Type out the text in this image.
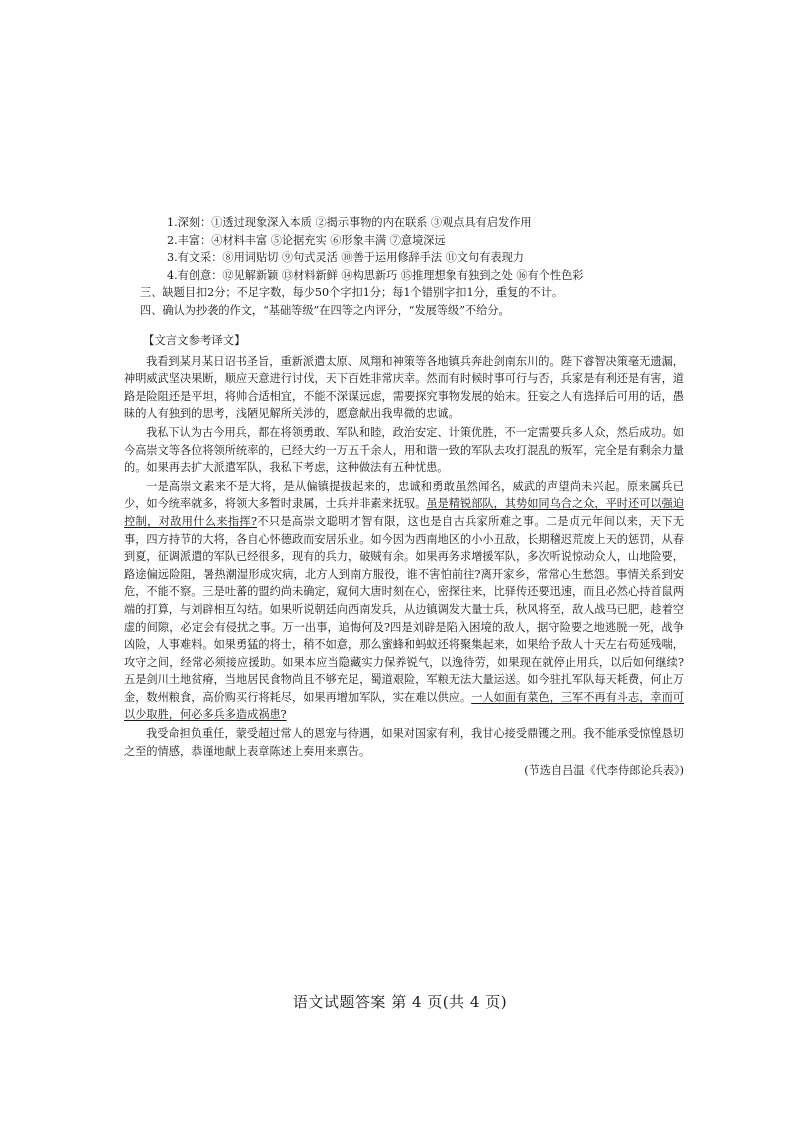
1.深刻：①透过现象深入本质 ②揭示事物的内在联系 ③观点具有启发作用
2.丰富：④材料丰富 ⑤论据充实 ⑥形象丰满 ⑦意境深远
3.有文采：⑧用词贴切 ⑨句式灵活 ⑩善于运用修辞手法 ⑪文句有表现力
4.有创意：⑫见解新颖 ⑬材料新鲜 ⑭构思新巧 ⑮推理想象有独到之处 ⑯有个性色彩
三、缺题目扣2分；不足字数，每少50个字扣1分；每1个错别字扣1分，重复的不计。
四、确认为抄袭的作文，“基础等级”在四等之内评分，“发展等级”不给分。
【文言文参考译文】

我看到某月某日诏书圣旨，重新派遣太原、凤翔和神策等各地镇兵奔赴剑南东川的。陛下睿智决策毫无遗漏，神明威武坚决果断，顺应天意进行讨伐，天下百姓非常庆幸。然而有时候时事可行与否，兵家是有利还是有害，道路是险阻还是平坦，将帅合适相宜，不能不深谋远虑，需要探究事物发展的始末。狂妄之人有选择后可用的话，愚昧的人有独到的思考，浅陋见解所关涉的，愿意献出我卑微的忠诚。

我私下认为古今用兵，都在将领勇敢、军队和睦，政治安定、计策优胜，不一定需要兵多人众，然后成功。如今高崇文等各位将领所统率的，已经大约一万五千余人，用和谐一致的军队去攻打混乱的叛军，完全是有剩余力量的。如果再去扩大派遣军队，我私下考虑，这种做法有五种忧患。

一是高崇文素来不是大将，是从偏镇提拔起来的，忠诚和勇敢虽然闻名，威武的声望尚未兴起。原来属兵已少，如今统率就多，将领大多暂时隶属，士兵并非素来抚驭。虽是精锐部队，其势如同乌合之众，平时还可以强迫控制，对敌用什么来指挥?不只是高崇文聪明才智有限，这也是自古兵家所难之事。二是贞元年间以来，天下无事，四方持节的大将，各自心怀德政而安居乐业。如今因为西南地区的小小丑敌，长期稽迟荒废上天的惩罚，从春到夏，征调派遣的军队已经很多，现有的兵力，破贼有余。如果再务求增援军队，多次听说惊动众人，山地险要，路途偏远险阻，暑热潮湿形成灾病，北方人到南方服役，谁不害怕前往?离开家乡，常常心生愁怨。事情关系到安危，不能不察。三是吐蕃的盟约尚未确定，窥伺大唐时刻在心，密探往来，比驿传还要迅速，而且必然心持首鼠两端的打算，与刘辟相互勾结。如果听说朝廷向西南发兵，从边镇调发大量士兵，秋风将至，敌人战马已肥，趁着空虚的间隙，必定会有侵扰之事。万一出事，追悔何及?四是刘辟是陷入困境的敌人，据守险要之地逃脱一死，战争凶险，人事难料。如果勇猛的将士，稍不如意，那么蜜蜂和蚂蚁还将聚集起来，如果给予敌人十天左右苟延残喘，攻守之间，经常必须接应援助。如果本应当隐藏实力保养锐气，以逸待劳，如果现在就停止用兵，以后如何继续?五是剑川土地贫瘠，当地居民食物尚且不够充足，蜀道艰险，军粮无法大量运送。如今驻扎军队每天耗费，何止万金，数州粮食，高价购买行将耗尽，如果再增加军队，实在难以供应。一人如面有菜色，三军不再有斗志，幸而可以少取胜，何必多兵多造成祸患?

我受命担负重任，蒙受超过常人的恩宠与待遇，如果对国家有利，我甘心接受鼎镬之刑。我不能承受惊惶恳切之至的情感，恭谨地献上表章陈述上奏用来禀告。

(节选自吕温《代李侍郎论兵表》)
语文试题答案 第 4 页(共 4 页)
